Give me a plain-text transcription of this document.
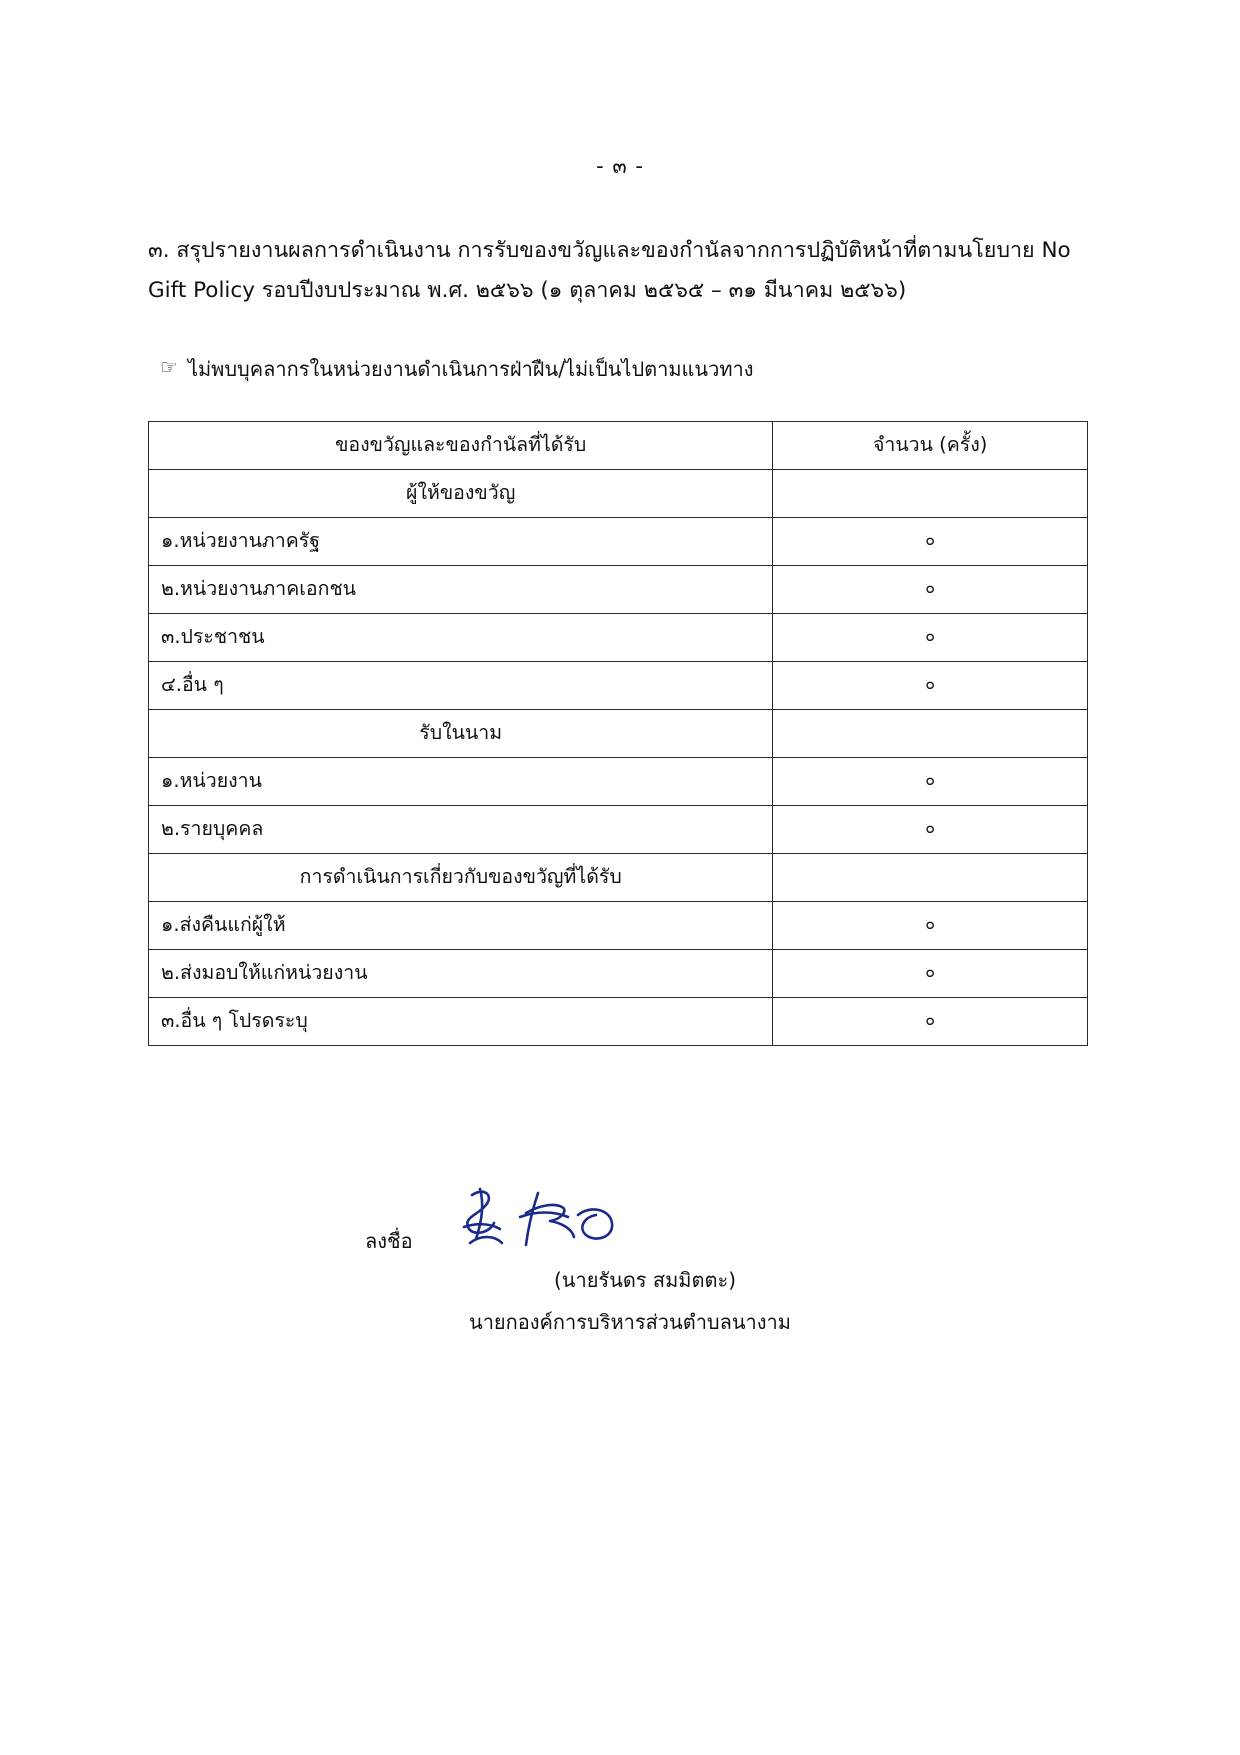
- ๓ -
๓. สรุปรายงานผลการดำเนินงาน การรับของขวัญและของกำนัลจากการปฏิบัติหน้าที่ตามนโยบาย No Gift Policy รอบปีงบประมาณ พ.ศ. ๒๕๖๖ (๑ ตุลาคม ๒๕๖๕ – ๓๑ มีนาคม ๒๕๖๖)
☞ ไม่พบบุคลากรในหน่วยงานดำเนินการฝ่าฝืน/ไม่เป็นไปตามแนวทาง
ของขวัญและของกำนัลที่ได้รับ	จำนวน (ครั้ง)
ผู้ให้ของขวัญ	
๑.หน่วยงานภาครัฐ	๐
๒.หน่วยงานภาคเอกชน	๐
๓.ประชาชน	๐
๔.อื่น ๆ	๐
รับในนาม	
๑.หน่วยงาน	๐
๒.รายบุคคล	๐
การดำเนินการเกี่ยวกับของขวัญที่ได้รับ	
๑.ส่งคืนแก่ผู้ให้	๐
๒.ส่งมอบให้แก่หน่วยงาน	๐
๓.อื่น ๆ โปรดระบุ	๐
ลงชื่อ
(นายรันดร สมมิตตะ)
นายกองค์การบริหารส่วนตำบลนางาม
